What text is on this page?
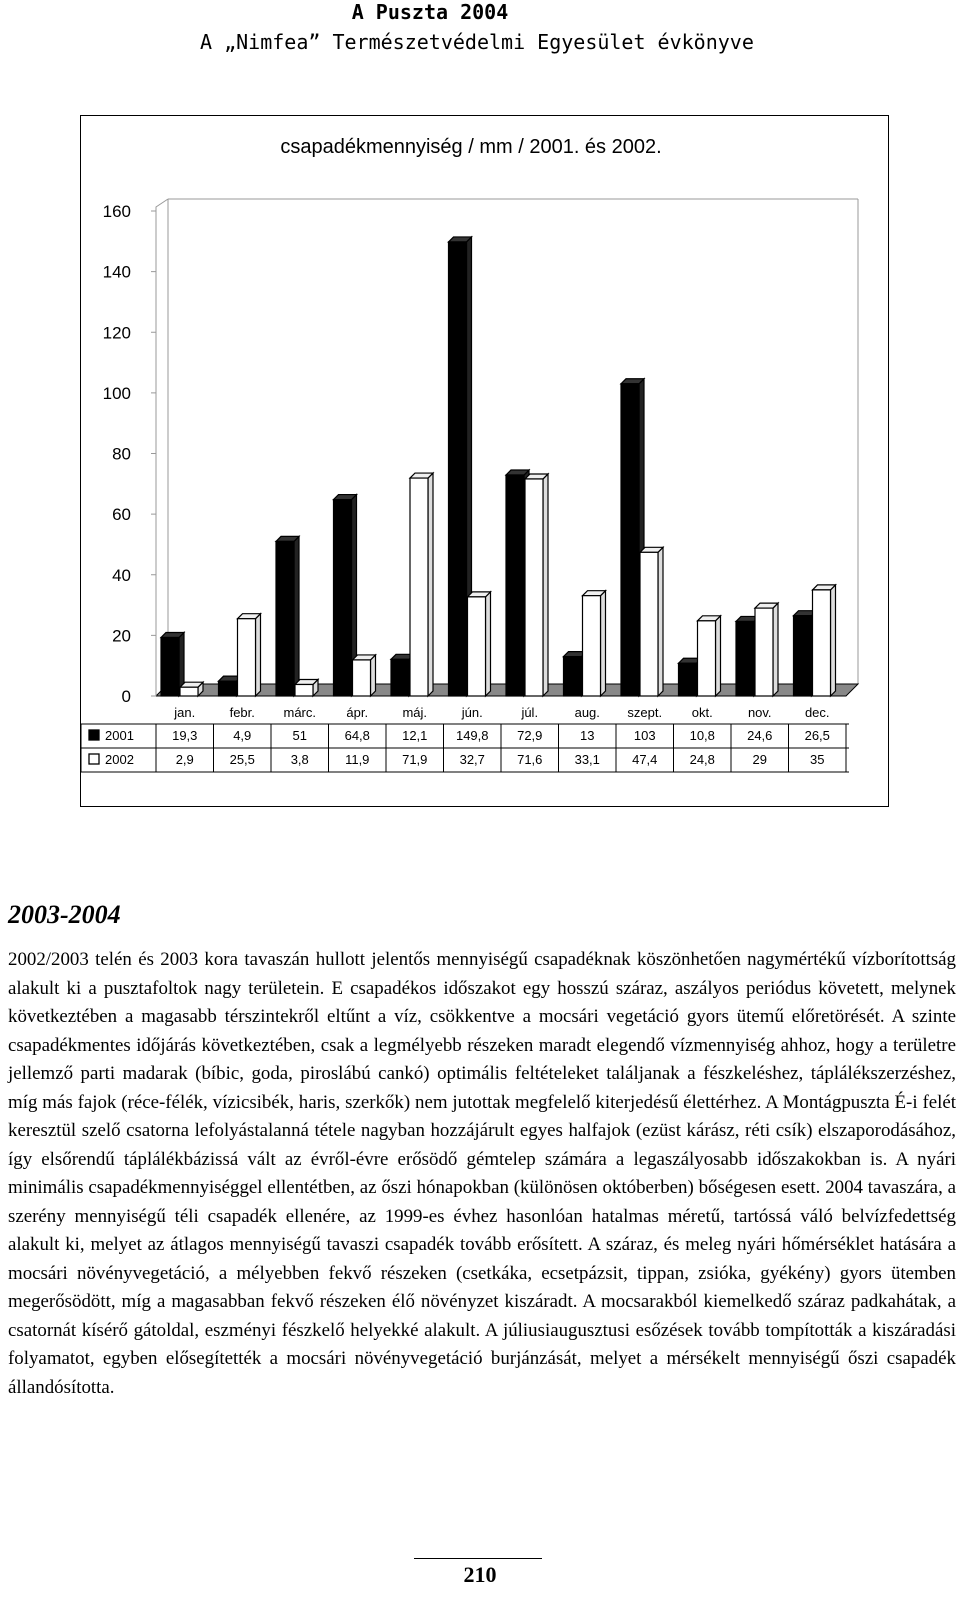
A Puszta 2004
A „Nimfea” Természetvédelmi Egyesület évkönyve
csapadékmennyiség / mm / 2001. és 2002.
0
20
40
60
80
100
120
140
160
jan.	febr. márc. ápr.	máj.	jún.	júl.	aug. szept. okt.	nov.	dec.
2001	19,3	4,9	51	64,8 12,1 149,8 72,9	13	103	10,8 24,6 26,5
2002	2,9	25,5	3,8	11,9	71,9 32,7 71,6 33,1 47,4 24,8	29	35
2003-2004

2002/2003 telén és 2003 kora tavaszán hullott jelentős mennyiségű csapadéknak köszönhetően nagymértékű vízborítottság alakult ki a pusztafoltok nagy területein. E csapadékos időszakot egy hosszú száraz, aszályos periódus követett, melynek következtében a magasabb térszintekről eltűnt a víz, csökkentve a mocsári vegetáció gyors ütemű előretörését. A szinte csapadékmentes időjárás következtében, csak a legmélyebb részeken maradt elegendő vízmennyiség ahhoz, hogy a területre jellemző parti madarak (bíbic, goda, piroslábú cankó) optimális feltételeket találjanak a fészkeléshez, táplálékszerzéshez, míg más fajok (réce-félék, vízicsibék, haris, szerkők) nem jutottak megfelelő kiterjedésű élettérhez. A Montágpuszta É-i felét keresztül szelő csatorna lefolyástalanná tétele nagyban hozzájárult egyes halfajok (ezüst kárász, réti csík) elszaporodásához, így elsőrendű táplálékbázissá vált az évről-évre erősödő gémtelep számára a legaszályosabb időszakokban is. A nyári minimális csapadékmennyiséggel ellentétben, az őszi hónapokban (különösen októberben) bőségesen esett. 2004 tavaszára, a szerény mennyiségű téli csapadék ellenére, az 1999-es évhez hasonlóan hatalmas méretű, tartóssá váló belvízfedettség alakult ki, melyet az átlagos mennyiségű tavaszi csapadék tovább erősített. A száraz, és meleg nyári hőmérséklet hatására a mocsári növényvegetáció, a mélyebben fekvő részeken (csetkáka, ecsetpázsit, tippan, zsióka, gyékény) gyors ütemben megerősödött, míg a magasabban fekvő részeken élő növényzet kiszáradt. A mocsarakból kiemelkedő száraz padkahátak, a csatornát kísérő gátoldal, eszményi fészkelő helyekké alakult. A júliusiaugusztusi esőzések tovább tompították a kiszáradási folyamatot, egyben elősegítették a mocsári növényvegetáció burjánzását, melyet a mérsékelt mennyiségű őszi csapadék állandósította.

210
